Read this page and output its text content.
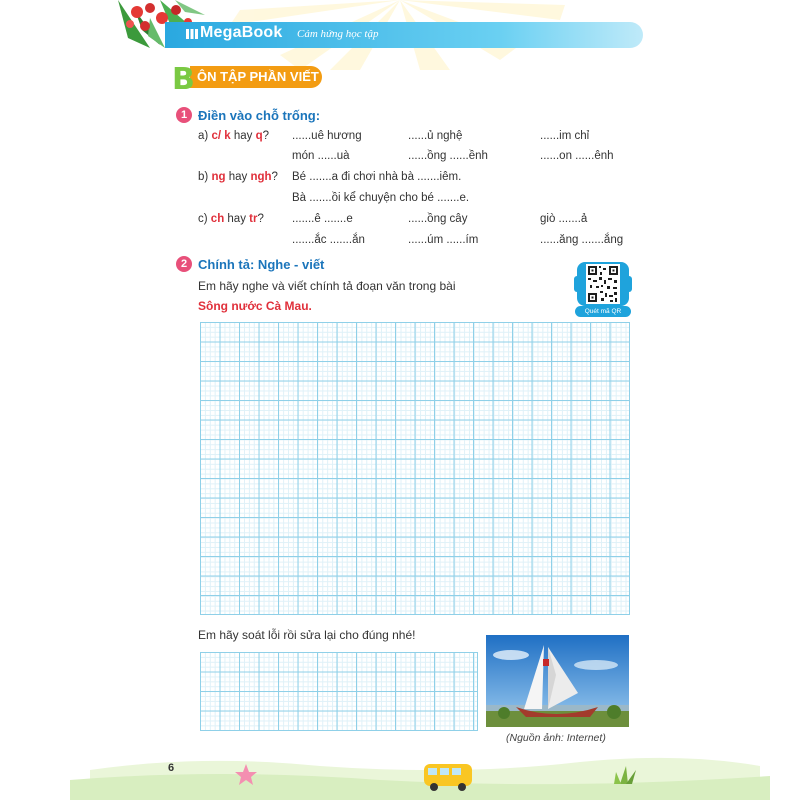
MegaBook Cảm hứng học tập
B ÔN TẬP PHẦN VIẾT
1 Điền vào chỗ trống:
a) c/ k hay q? ......uê hương	......ủ nghệ	......im chỉ
món ......uà	......ồng ......ềnh	......on ......ênh
b) ng hay ngh? Bé .......a đi chơi nhà bà .......iêm.
Bà .......ồi kể chuyện cho bé .......e.
c) ch hay tr? .......ê .......e	......ồng cây	giò .......ả
.......ắc .......ắn	......úm ......ím	......ăng .......ắng
2 Chính tả: Nghe - viết
Em hãy nghe và viết chính tả đoạn văn trong bài
Sông nước Cà Mau.	Quét mã QR
Em hãy soát lỗi rồi sửa lại cho đúng nhé!
(Nguồn ảnh: Internet)
6
